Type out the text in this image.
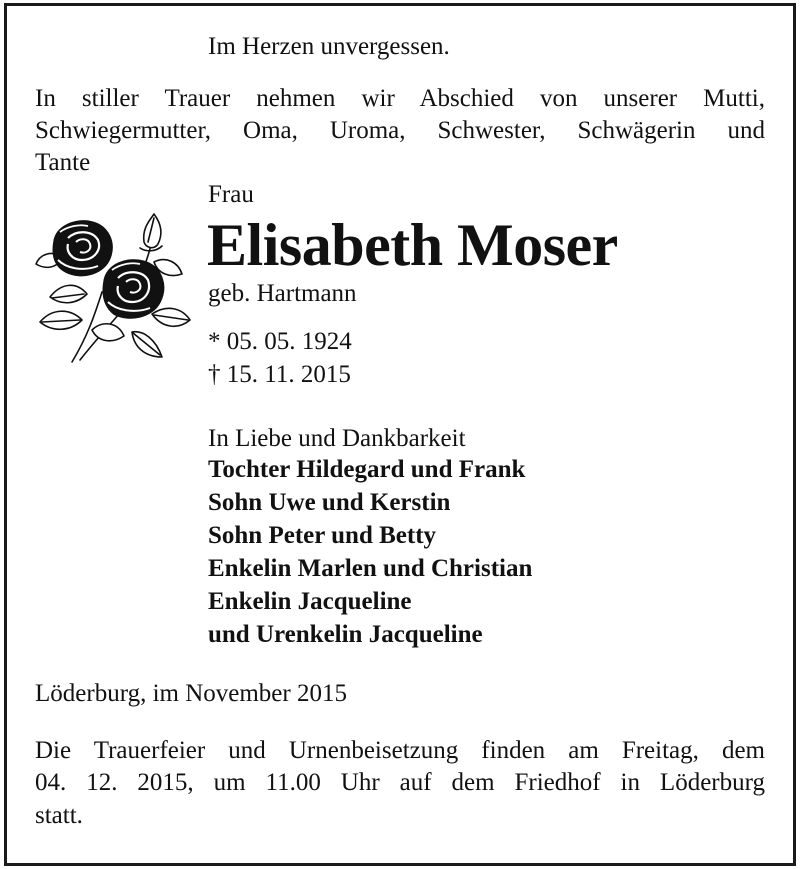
Im Herzen unvergessen.
In stiller Trauer nehmen wir Abschied von unserer Mutti,
Schwiegermutter, Oma, Uroma, Schwester, Schwägerin und
Tante
Frau
Elisabeth Moser
geb. Hartmann
* 05. 05. 1924
† 15. 11. 2015
In Liebe und Dankbarkeit
Tochter Hildegard und Frank
Sohn Uwe und Kerstin
Sohn Peter und Betty
Enkelin Marlen und Christian
Enkelin Jacqueline
und Urenkelin Jacqueline
Löderburg, im November 2015
Die Trauerfeier und Urnenbeisetzung finden am Freitag, dem
04. 12. 2015, um 11.00 Uhr auf dem Friedhof in Löderburg
statt.
